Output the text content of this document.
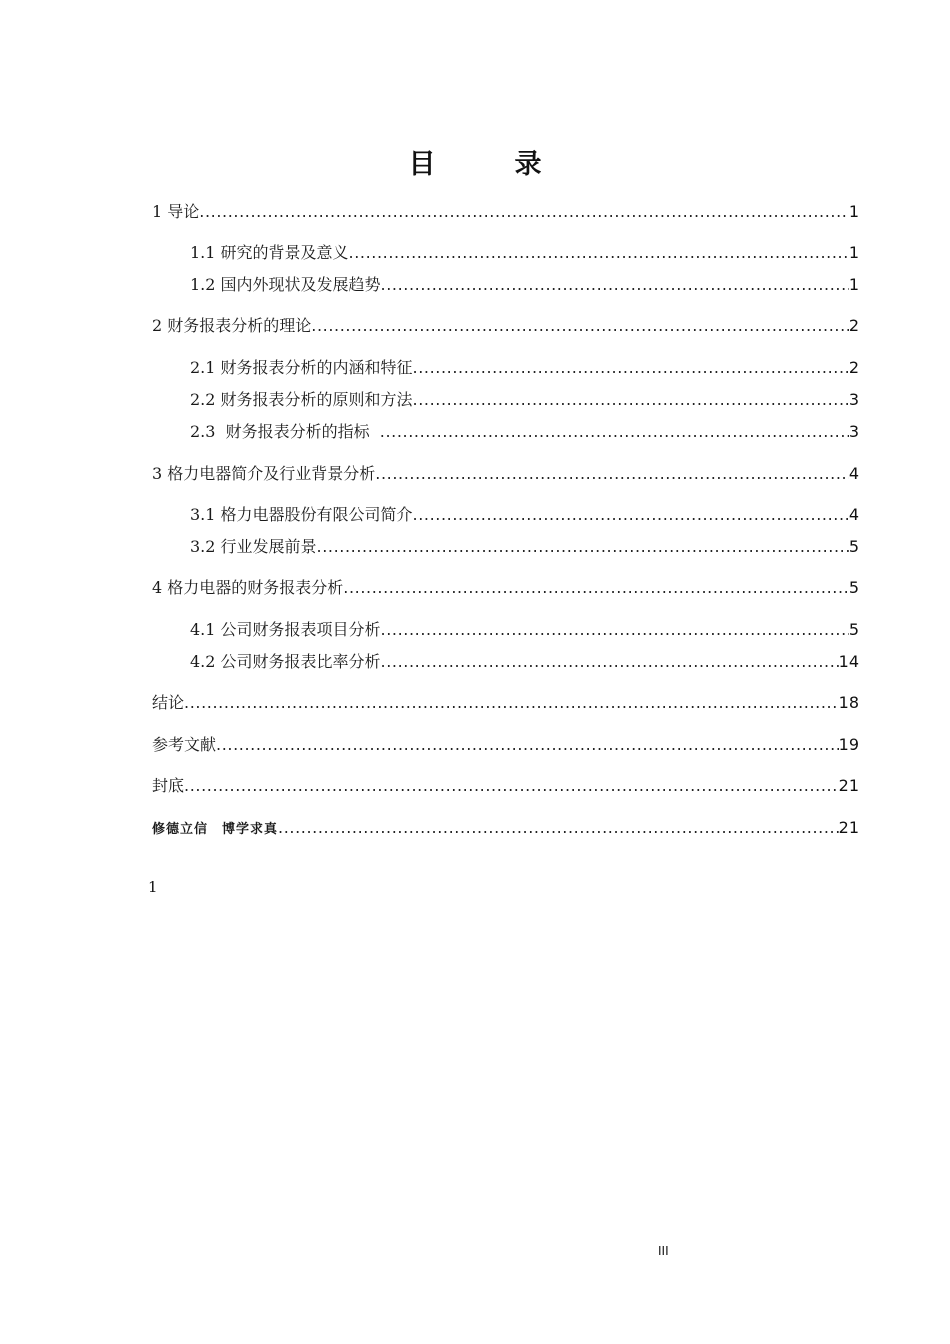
目　录
1 导论 .....	1
1.1 研究的背景及意义 .....	1
1.2 国内外现状及发展趋势 .....	1
2 财务报表分析的理论 .....	2
2.1 财务报表分析的内涵和特征 .....	2
2.2 财务报表分析的原则和方法 .....	3
2.3  财务报表分析的指标 .....	3
3 格力电器简介及行业背景分析 .....	4
3.1 格力电器股份有限公司简介 .....	4
3.2 行业发展前景 .....	5
4 格力电器的财务报表分析 .....	5
4.1 公司财务报表项目分析 .....	5
4.2 公司财务报表比率分析 .....	14
结论 .....	18
参考文献 .....	19
封底 .....	21
修德立信　博学求真 .....	21
1
III
